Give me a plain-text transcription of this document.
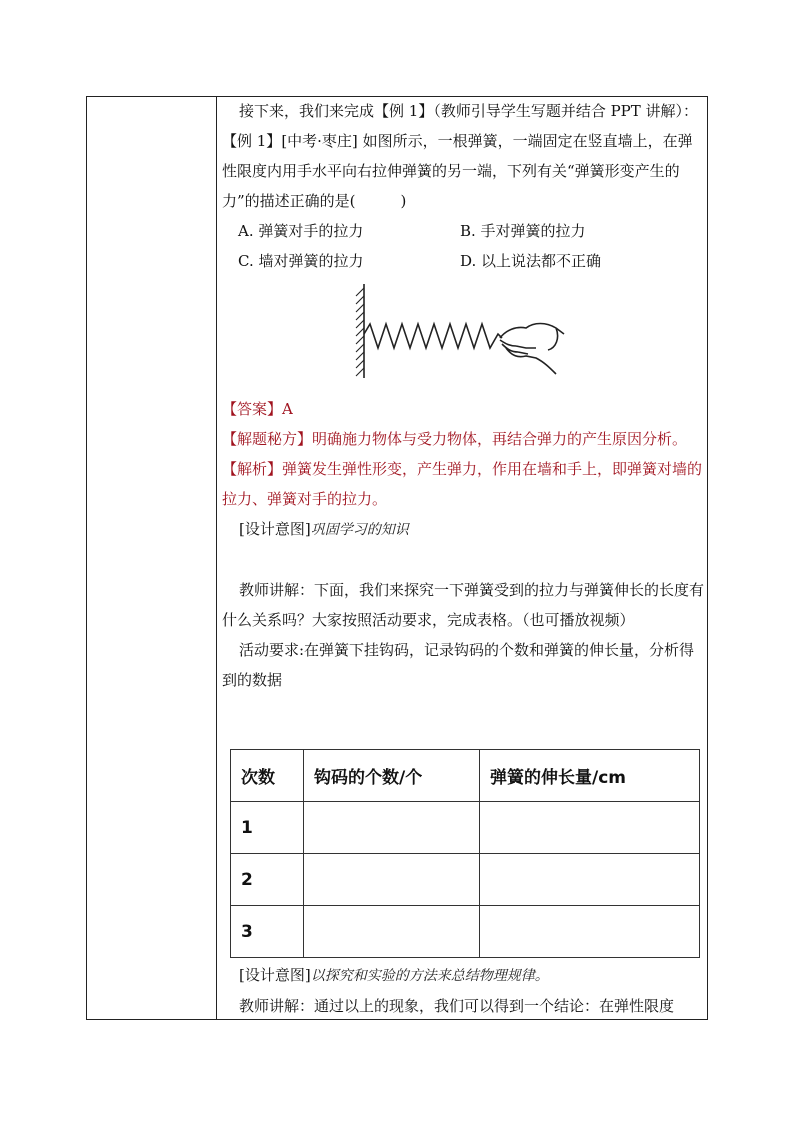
接下来，我们来完成【例 1】（教师引导学生写题并结合 PPT 讲解）：

【例 1】[中考·枣庄] 如图所示，一根弹簧，一端固定在竖直墙上，在弹性限度内用手水平向右拉伸弹簧的另一端，下列有关“弹簧形变产生的力”的描述正确的是(　　　)

A. 弹簧对手的拉力	B. 手对弹簧的拉力
C. 墙对弹簧的拉力	D. 以上说法都不正确

【答案】A

【解题秘方】明确施力物体与受力物体，再结合弹力的产生原因分析。

【解析】弹簧发生弹性形变，产生弹力，作用在墙和手上，即弹簧对墙的拉力、弹簧对手的拉力。

[设计意图]巩固学习的知识

教师讲解：下面，我们来探究一下弹簧受到的拉力与弹簧伸长的长度有什么关系吗？大家按照活动要求，完成表格。（也可播放视频）

活动要求:在弹簧下挂钩码，记录钩码的个数和弹簧的伸长量，分析得到的数据

次数	钩码的个数/个	弹簧的伸长量/cm
1		
2		
3		

[设计意图]以探究和实验的方法来总结物理规律。

教师讲解：通过以上的现象，我们可以得到一个结论：在弹性限度
